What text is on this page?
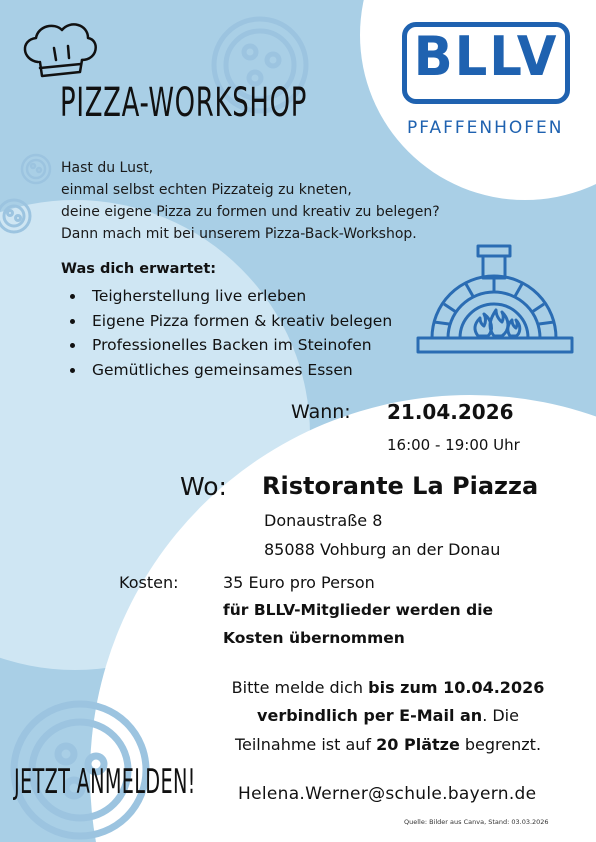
PIZZA-WORKSHOP
BLLV
PFAFFENHOFEN
Hast du Lust,
einmal selbst echten Pizzateig zu kneten,
deine eigene Pizza zu formen und kreativ zu belegen?
Dann mach mit bei unserem Pizza-Back-Workshop.
Was dich erwartet:
Teigherstellung live erleben
Eigene Pizza formen & kreativ belegen
Professionelles Backen im Steinofen
Gemütliches gemeinsames Essen
Wann: 21.04.2026
16:00 - 19:00 Uhr
Wo: Ristorante La Piazza
Donaustraße 8
85088 Vohburg an der Donau
Kosten:	35 Euro pro Person
für BLLV-Mitglieder werden die
Kosten übernommen
Bitte melde dich bis zum 10.04.2026
verbindlich per E-Mail an. Die
Teilnahme ist auf 20 Plätze begrenzt.
JETZT ANMELDEN! Helena.Werner@schule.bayern.de
Quelle: Bilder aus Canva, Stand: 03.03.2026
